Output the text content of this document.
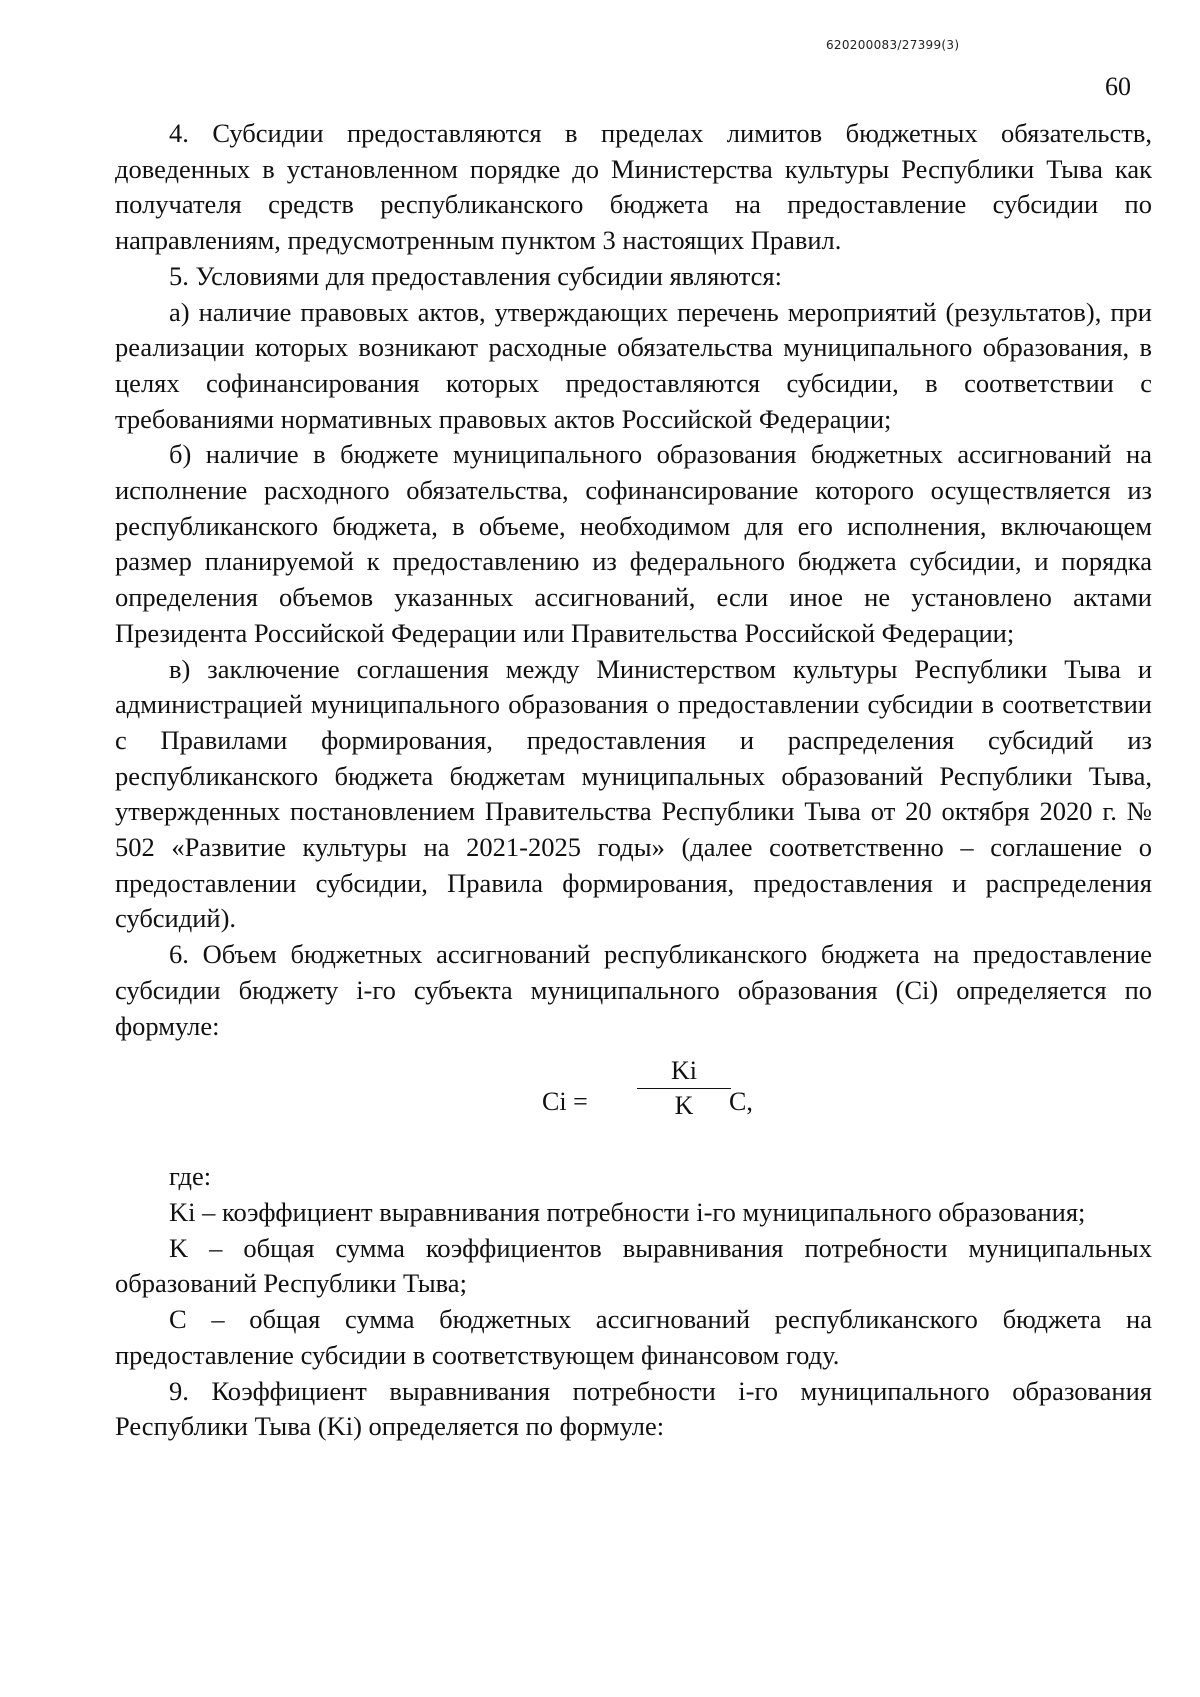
620200083/27399(3)
60

4. Субсидии предоставляются в пределах лимитов бюджетных обязательств, доведенных в установленном порядке до Министерства культуры Республики Тыва как получателя средств республиканского бюджета на предоставление субсидии по направлениям, предусмотренным пунктом 3 настоящих Правил.

5. Условиями для предоставления субсидии являются:

а) наличие правовых актов, утверждающих перечень мероприятий (результатов), при реализации которых возникают расходные обязательства муниципального образования, в целях софинансирования которых предоставляются субсидии, в соответствии с требованиями нормативных правовых актов Российской Федерации;

б) наличие в бюджете муниципального образования бюджетных ассигнований на исполнение расходного обязательства, софинансирование которого осуществляется из республиканского бюджета, в объеме, необходимом для его исполнения, включающем размер планируемой к предоставлению из федерального бюджета субсидии, и порядка определения объемов указанных ассигнований, если иное не установлено актами Президента Российской Федерации или Правительства Российской Федерации;

в) заключение соглашения между Министерством культуры Республики Тыва и администрацией муниципального образования о предоставлении субсидии в соответствии с Правилами формирования, предоставления и распределения субсидий из республиканского бюджета бюджетам муниципальных образований Республики Тыва, утвержденных постановлением Правительства Республики Тыва от 20 октября 2020 г. № 502 «Развитие культуры на 2021-2025 годы» (далее соответственно – соглашение о предоставлении субсидии, Правила формирования, предоставления и распределения субсидий).

6. Объем бюджетных ассигнований республиканского бюджета на предоставление субсидии бюджету i-го субъекта муниципального образования (Ci) определяется по формуле:

Ci =
Ki
K	C,

где:

Ki – коэффициент выравнивания потребности i-го муниципального образования;

K – общая сумма коэффициентов выравнивания потребности муниципальных образований Республики Тыва;

С – общая сумма бюджетных ассигнований республиканского бюджета на предоставление субсидии в соответствующем финансовом году.

9. Коэффициент выравнивания потребности i-го муниципального образования Республики Тыва (Ki) определяется по формуле:
